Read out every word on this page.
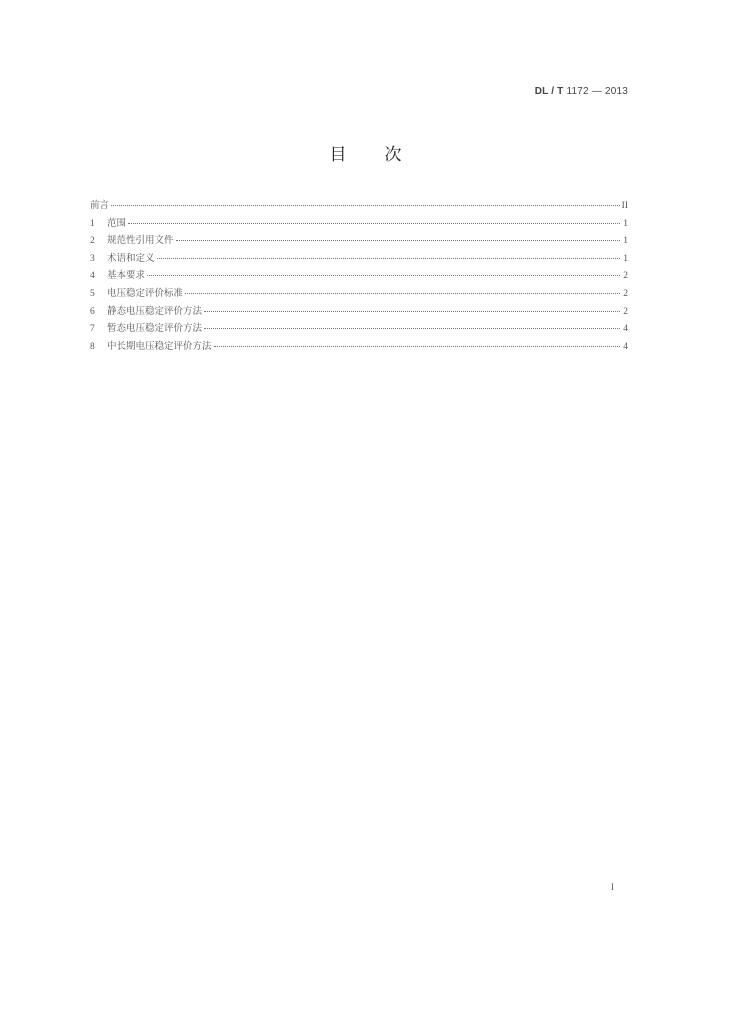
DL / T 1172 — 2013
目 次
前言	II
1	范围	1
2	规范性引用文件	1
3	术语和定义	1
4	基本要求	2
5	电压稳定评价标准	2
6	静态电压稳定评价方法	2
7	暂态电压稳定评价方法	4
8	中长期电压稳定评价方法	4
I
